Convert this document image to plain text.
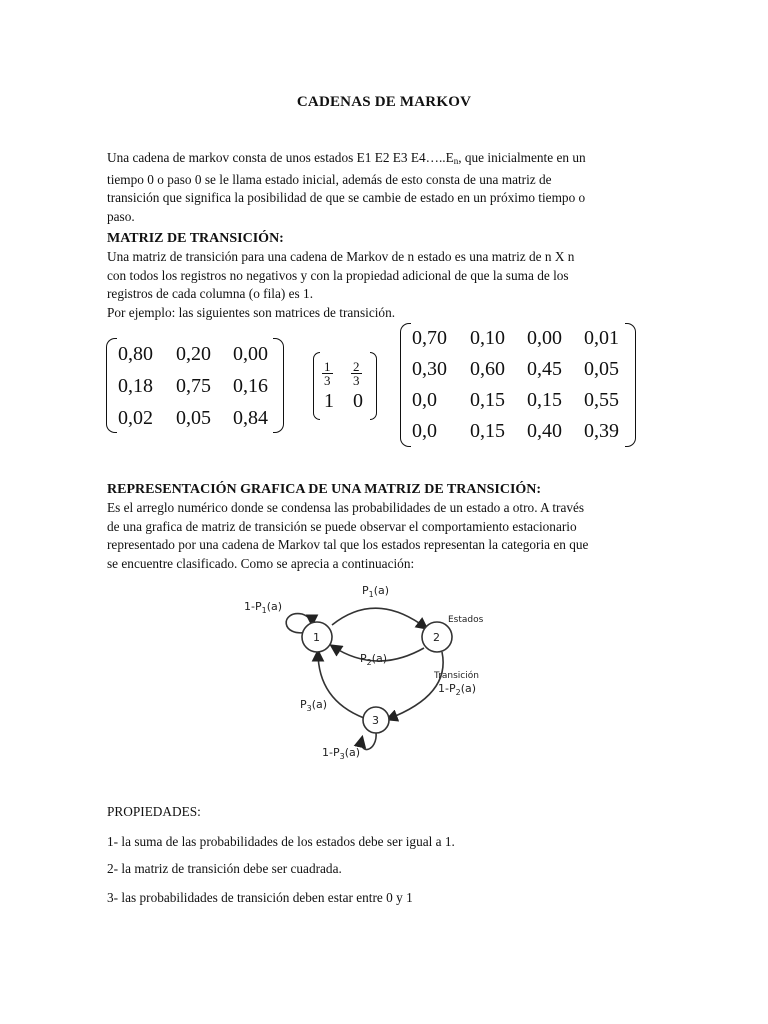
CADENAS DE MARKOV
Una cadena de markov consta de unos estados E1 E2 E3 $E4\dots..E_n$, que inicialmente en un
tiempo 0 o paso 0 se le llama estado inicial, además de esto consta de una matriz de
transición que significa la posibilidad de que se cambie de estado en un próximo tiempo o
paso.
MATRIZ DE TRANSICIÓN:
Una matriz de transición para una cadena de Markov de n estado es una matriz de n X n
con todos los registros no negativos y con la propiedad adicional de que la suma de los
registros de cada columna (o fila) es 1.
Por ejemplo: las siguientes son matrices de transición.
0,80	0,20	0,00
0,18	0,75	0,16
0,02	0,05	0,84
$\frac{1}{3} \frac{2}{3}$
1 0
0,70	0,10	0,00	0,01
0,30	0,60	0,45	0,05
0,0	0,15	0,15	0,55
0,0	0,15	0,40	0,39
REPRESENTACIÓN GRAFICA DE UNA MATRIZ DE TRANSICIÓN:
Es el arreglo numérico donde se condensa las probabilidades de un estado a otro. A través
de una grafica de matriz de transición se puede observar el comportamiento estacionario
representado por una cadena de Markov tal que los estados representan la categoria en que
se encuentre clasificado. Como se aprecia a continuación:
1	2
3
$P_1(a)$
$1-P_1(a)$
Estados
$P_2(a)$
Transición
$1-P_2(a)$
$P_3(a)$
$1-P_3(a)$
PROPIEDADES:
1- la suma de las probabilidades de los estados debe ser igual a 1.
2- la matriz de transición debe ser cuadrada.
3- las probabilidades de transición deben estar entre 0 y 1
